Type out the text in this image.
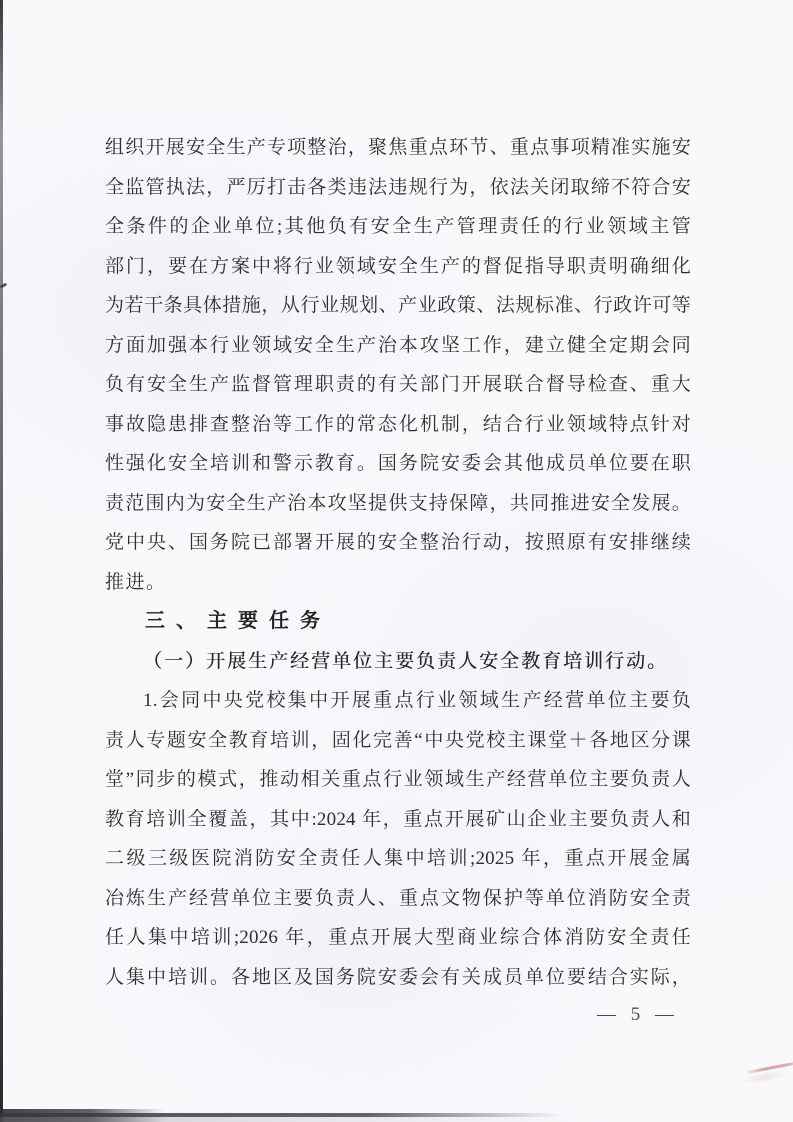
组织开展安全生产专项整治，聚焦重点环节、重点事项精准实施安
全监管执法，严厉打击各类违法违规行为，依法关闭取缔不符合安
全条件的企业单位;其他负有安全生产管理责任的行业领域主管
部门，要在方案中将行业领域安全生产的督促指导职责明确细化
为若干条具体措施，从行业规划、产业政策、法规标准、行政许可等
方面加强本行业领域安全生产治本攻坚工作，建立健全定期会同
负有安全生产监督管理职责的有关部门开展联合督导检查、重大
事故隐患排查整治等工作的常态化机制，结合行业领域特点针对
性强化安全培训和警示教育。国务院安委会其他成员单位要在职
责范围内为安全生产治本攻坚提供支持保障，共同推进安全发展。
党中央、国务院已部署开展的安全整治行动，按照原有安排继续
推进。
三、主要任务
（一）开展生产经营单位主要负责人安全教育培训行动。
1.会同中央党校集中开展重点行业领域生产经营单位主要负
责人专题安全教育培训，固化完善“中央党校主课堂＋各地区分课
堂”同步的模式，推动相关重点行业领域生产经营单位主要负责人
教育培训全覆盖，其中:2024 年，重点开展矿山企业主要负责人和
二级三级医院消防安全责任人集中培训;2025 年，重点开展金属
冶炼生产经营单位主要负责人、重点文物保护等单位消防安全责
任人集中培训;2026 年，重点开展大型商业综合体消防安全责任
人集中培训。各地区及国务院安委会有关成员单位要结合实际，
— 5 —
